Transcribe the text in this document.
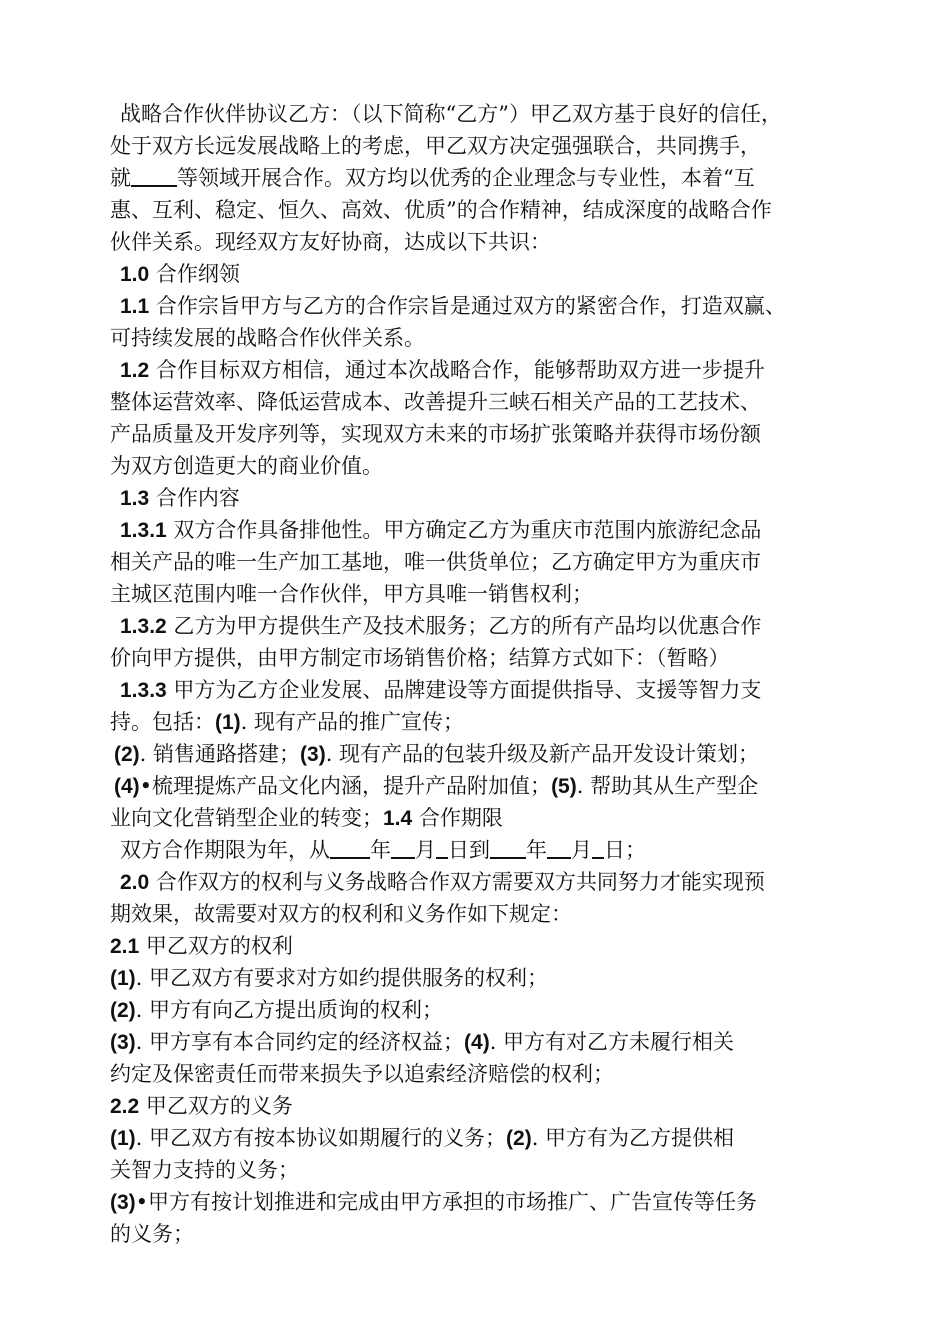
战略合作伙伴协议乙方：（以下简称“乙方”）甲乙双方基于良好的信任，
处于双方长远发展战略上的考虑，甲乙双方决定强强联合，共同携手，
就 等领域开展合作。双方均以优秀的企业理念与专业性，本着“互
惠、互利、稳定、恒久、高效、优质”的合作精神，结成深度的战略合作
伙伴关系。现经双方友好协商，达成以下共识：
1.0 合作纲领
1.1 合作宗旨甲方与乙方的合作宗旨是通过双方的紧密合作，打造双赢、
可持续发展的战略合作伙伴关系。
1.2 合作目标双方相信，通过本次战略合作，能够帮助双方进一步提升
整体运营效率、降低运营成本、改善提升三峡石相关产品的工艺技术、
产品质量及开发序列等，实现双方未来的市场扩张策略并获得市场份额
为双方创造更大的商业价值。
1.3 合作内容
1.3.1 双方合作具备排他性。甲方确定乙方为重庆市范围内旅游纪念品
相关产品的唯一生产加工基地，唯一供货单位；乙方确定甲方为重庆市
主城区范围内唯一合作伙伴，甲方具唯一销售权利；
1.3.2 乙方为甲方提供生产及技术服务；乙方的所有产品均以优惠合作
价向甲方提供，由甲方制定市场销售价格；结算方式如下：（暂略）
1.3.3 甲方为乙方企业发展、品牌建设等方面提供指导、支援等智力支
持。包括：(1). 现有产品的推广宣传；
(2). 销售通路搭建；(3). 现有产品的包装升级及新产品开发设计策划；
(4)•梳理提炼产品文化内涵，提升产品附加值；(5). 帮助其从生产型企
业向文化营销型企业的转变；1.4 合作期限
双方合作期限为年，从 年 月 日到 年 月 日；
2.0 合作双方的权利与义务战略合作双方需要双方共同努力才能实现预
期效果，故需要对双方的权利和义务作如下规定：
2.1 甲乙双方的权利
(1). 甲乙双方有要求对方如约提供服务的权利；
(2). 甲方有向乙方提出质询的权利；
(3). 甲方享有本合同约定的经济权益；(4). 甲方有对乙方未履行相关
约定及保密责任而带来损失予以追索经济赔偿的权利；
2.2 甲乙双方的义务
(1). 甲乙双方有按本协议如期履行的义务；(2). 甲方有为乙方提供相
关智力支持的义务；
(3)•甲方有按计划推进和完成由甲方承担的市场推广、广告宣传等任务
的义务；
